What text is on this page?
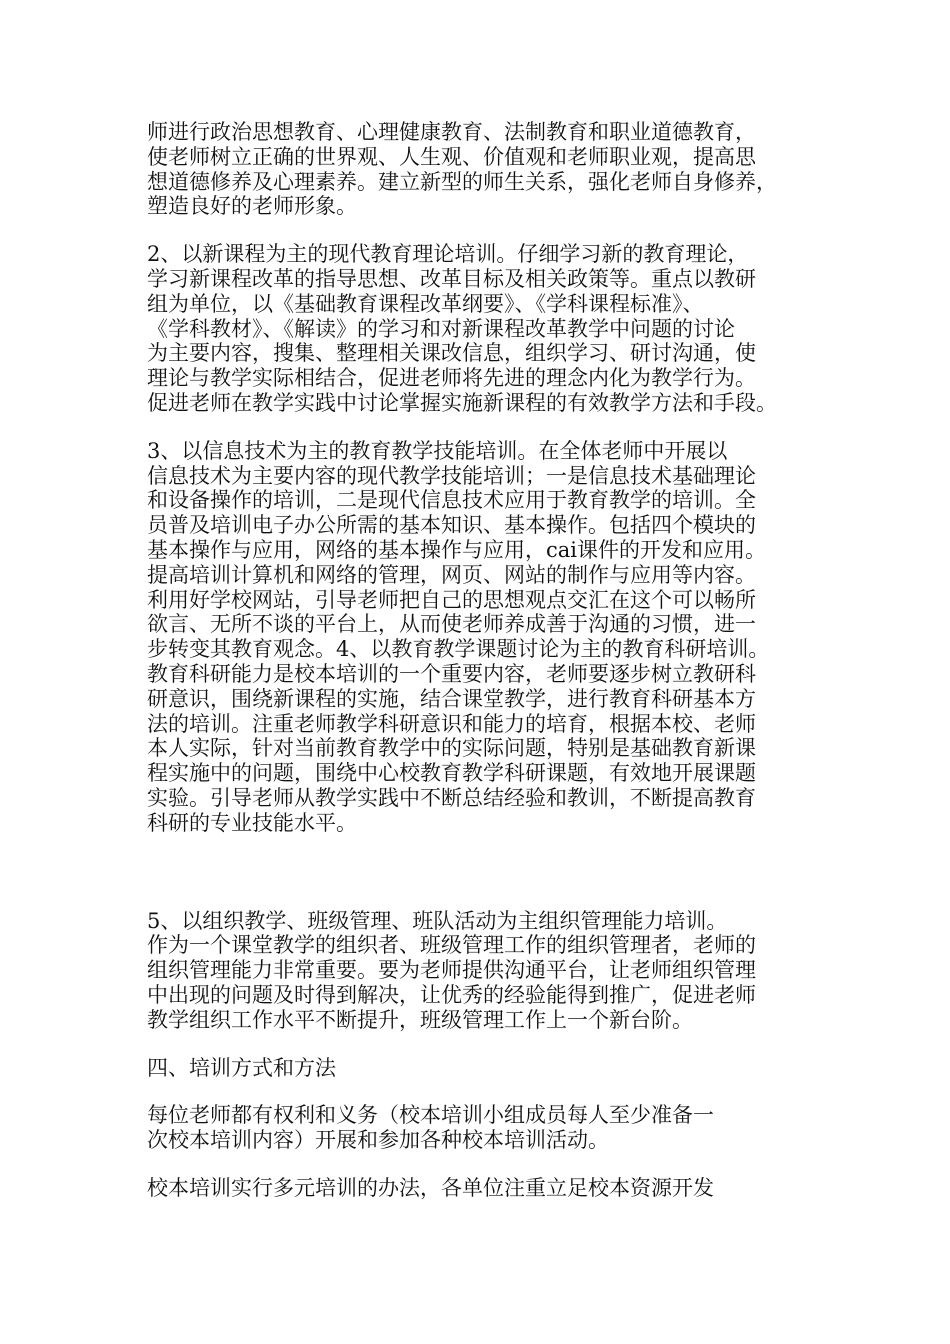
师进行政治思想教育、心理健康教育、法制教育和职业道德教育，
使老师树立正确的世界观、人生观、价值观和老师职业观，提高思
想道德修养及心理素养。建立新型的师生关系，强化老师自身修养，
塑造良好的老师形象。

2、以新课程为主的现代教育理论培训。仔细学习新的教育理论，
学习新课程改革的指导思想、改革目标及相关政策等。重点以教研
组为单位，以《基础教育课程改革纲要》、《学科课程标准》、
《学科教材》、《解读》的学习和对新课程改革教学中问题的讨论
为主要内容，搜集、整理相关课改信息，组织学习、研讨沟通，使
理论与教学实际相结合，促进老师将先进的理念内化为教学行为。
促进老师在教学实践中讨论掌握实施新课程的有效教学方法和手段。

3、以信息技术为主的教育教学技能培训。在全体老师中开展以
信息技术为主要内容的现代教学技能培训；一是信息技术基础理论
和设备操作的培训，二是现代信息技术应用于教育教学的培训。全
员普及培训电子办公所需的基本知识、基本操作。包括四个模块的
基本操作与应用，网络的基本操作与应用，cai课件的开发和应用。
提高培训计算机和网络的管理，网页、网站的制作与应用等内容。
利用好学校网站，引导老师把自己的思想观点交汇在这个可以畅所
欲言、无所不谈的平台上，从而使老师养成善于沟通的习惯，进一
步转变其教育观念。4、以教育教学课题讨论为主的教育科研培训。
教育科研能力是校本培训的一个重要内容，老师要逐步树立教研科
研意识，围绕新课程的实施，结合课堂教学，进行教育科研基本方
法的培训。注重老师教学科研意识和能力的培育，根据本校、老师
本人实际，针对当前教育教学中的实际问题，特别是基础教育新课
程实施中的问题，围绕中心校教育教学科研课题，有效地开展课题
实验。引导老师从教学实践中不断总结经验和教训，不断提高教育
科研的专业技能水平。

5、以组织教学、班级管理、班队活动为主组织管理能力培训。
作为一个课堂教学的组织者、班级管理工作的组织管理者，老师的
组织管理能力非常重要。要为老师提供沟通平台，让老师组织管理
中出现的问题及时得到解决，让优秀的经验能得到推广，促进老师
教学组织工作水平不断提升，班级管理工作上一个新台阶。

四、培训方式和方法

每位老师都有权利和义务（校本培训小组成员每人至少准备一
次校本培训内容）开展和参加各种校本培训活动。

校本培训实行多元培训的办法，各单位注重立足校本资源开发
